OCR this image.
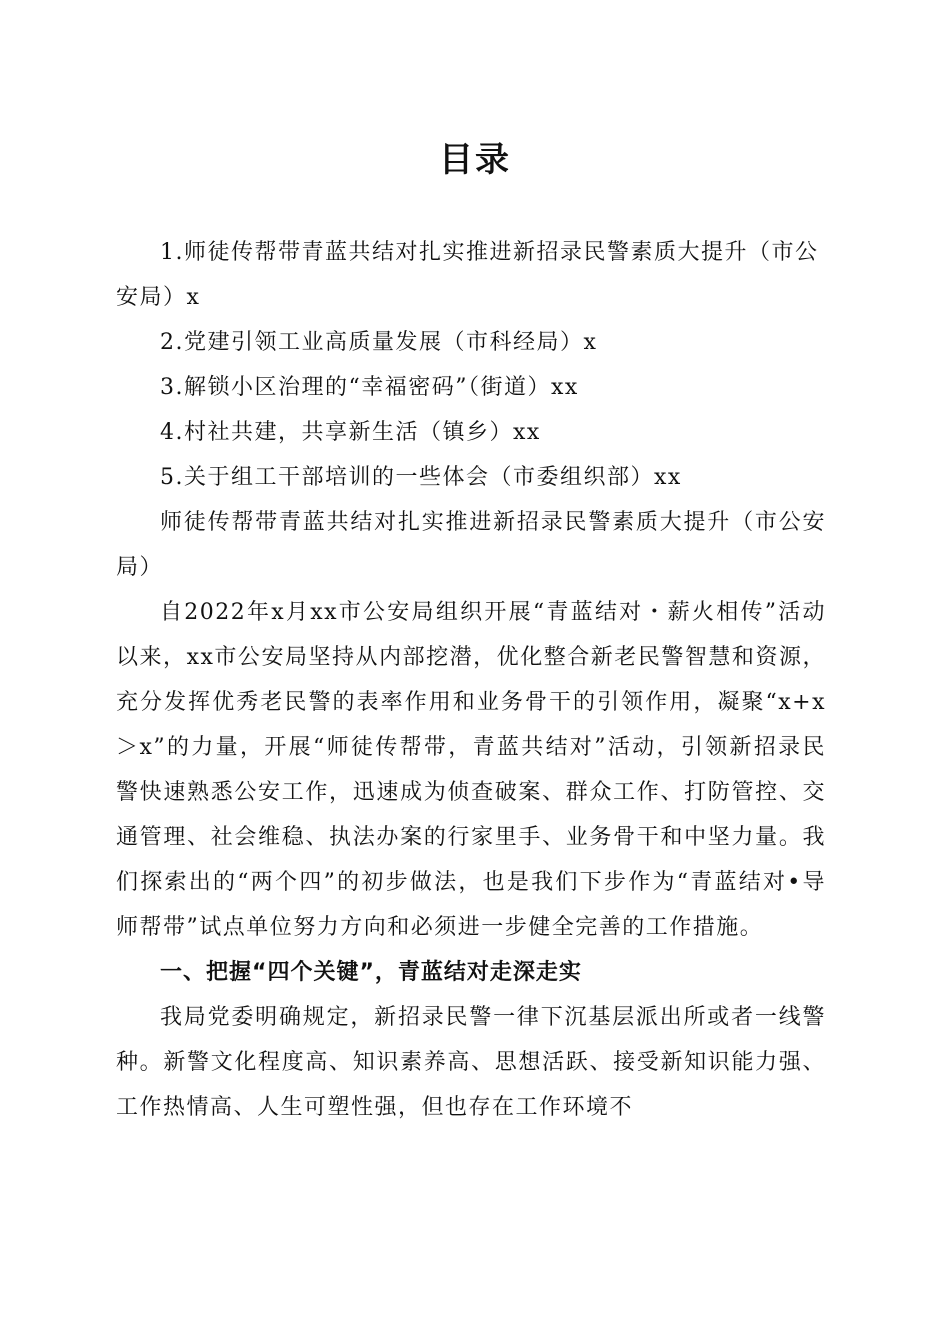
目录

1.师徒传帮带青蓝共结对扎实推进新招录民警素质大提升（市公安局）x

2.党建引领工业高质量发展（市科经局）x

3.解锁小区治理的“幸福密码”（街道）xx

4.村社共建，共享新生活（镇乡）xx

5.关于组工干部培训的一些体会（市委组织部）xx

师徒传帮带青蓝共结对扎实推进新招录民警素质大提升（市公安局）

自2022年x月xx市公安局组织开展“青蓝结对・薪火相传”活动以来，xx市公安局坚持从内部挖潜，优化整合新老民警智慧和资源，充分发挥优秀老民警的表率作用和业务骨干的引领作用，凝聚“x+x＞x”的力量，开展“师徒传帮带，青蓝共结对”活动，引领新招录民警快速熟悉公安工作，迅速成为侦查破案、群众工作、打防管控、交通管理、社会维稳、执法办案的行家里手、业务骨干和中坚力量。我们探索出的“两个四”的初步做法，也是我们下步作为“青蓝结对•导师帮带”试点单位努力方向和必须进一步健全完善的工作措施。

一、把握“四个关键”，青蓝结对走深走实

我局党委明确规定，新招录民警一律下沉基层派出所或者一线警种。新警文化程度高、知识素养高、思想活跃、接受新知识能力强、工作热情高、人生可塑性强，但也存在工作环境不
